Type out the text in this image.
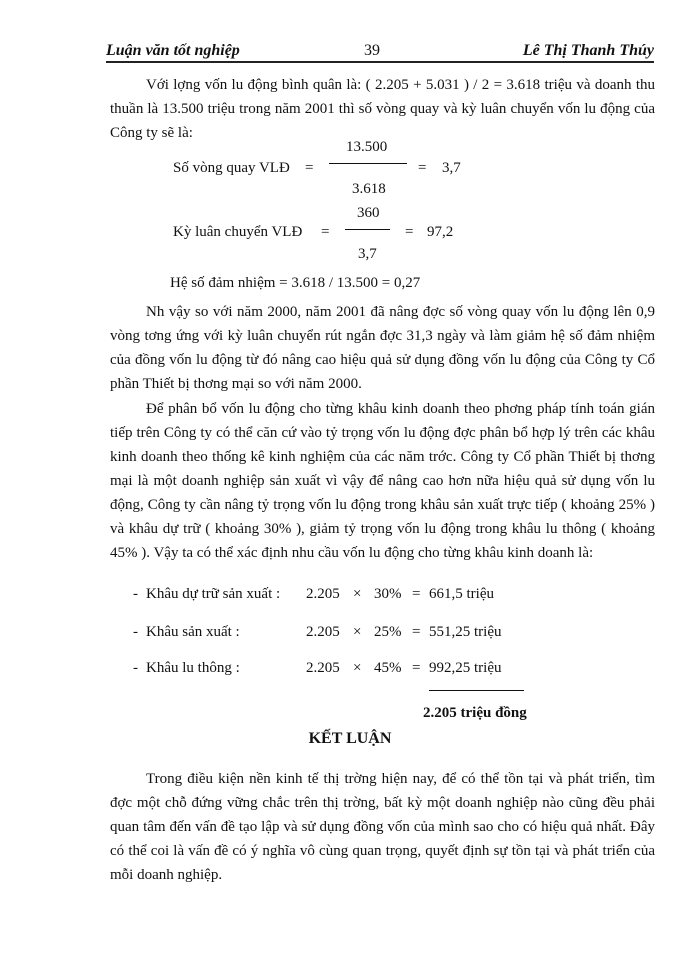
Luận văn tốt nghiệp	39	Lê Thị Thanh Thúy

Với lợng vốn lu động bình quân là: ( 2.205 + 5.031 ) / 2 = 3.618 triệu và doanh thu thuần là 13.500 triệu trong năm 2001 thì số vòng quay và kỳ luân chuyển vốn lu động của Công ty sẽ là:

Số vòng quay VLĐ =
13.500
3.618
= 3,7
Kỳ luân chuyển VLĐ =
360
3,7
= 97,2
Hệ số đảm nhiệm = 3.618 / 13.500 = 0,27

Nh vậy so với năm 2000, năm 2001 đã nâng đợc số vòng quay vốn lu động lên 0,9 vòng tơng ứng với kỳ luân chuyển rút ngắn đợc 31,3 ngày và làm giảm hệ số đảm nhiệm của đồng vốn lu động từ đó nâng cao hiệu quả sử dụng đồng vốn lu động của Công ty Cổ phần Thiết bị thơng mại so với năm 2000.

Để phân bổ vốn lu động cho từng khâu kinh doanh theo phơng pháp tính toán gián tiếp trên Công ty có thể căn cứ vào tỷ trọng vốn lu động đợc phân bổ hợp lý trên các khâu kinh doanh theo thống kê kinh nghiệm của các năm trớc. Công ty Cổ phần Thiết bị thơng mại là một doanh nghiệp sản xuất vì vậy để nâng cao hơn nữa hiệu quả sử dụng vốn lu động, Công ty cần nâng tỷ trọng vốn lu động trong khâu sản xuất trực tiếp ( khoảng 25% ) và khâu dự trữ ( khoảng 30% ), giảm tỷ trọng vốn lu động trong khâu lu thông ( khoảng 45% ). Vậy ta có thể xác định nhu cầu vốn lu động cho từng khâu kinh doanh là:

- Khâu dự trữ sản xuất : 2.205 × 30% = 661,5 triệu
- Khâu sản xuất :	2.205 × 25% = 551,25 triệu
- Khâu lu thông :	2.205 × 45% = 992,25 triệu
2.205 triệu đồng
KẾT LUẬN

Trong điều kiện nền kinh tế thị trờng hiện nay, để có thể tồn tại và phát triển, tìm đợc một chỗ đứng vững chắc trên thị trờng, bất kỳ một doanh nghiệp nào cũng đều phải quan tâm đến vấn đề tạo lập và sử dụng đồng vốn của mình sao cho có hiệu quả nhất. Đây có thể coi là vấn đề có ý nghĩa vô cùng quan trọng, quyết định sự tồn tại và phát triển của mỗi doanh nghiệp.
